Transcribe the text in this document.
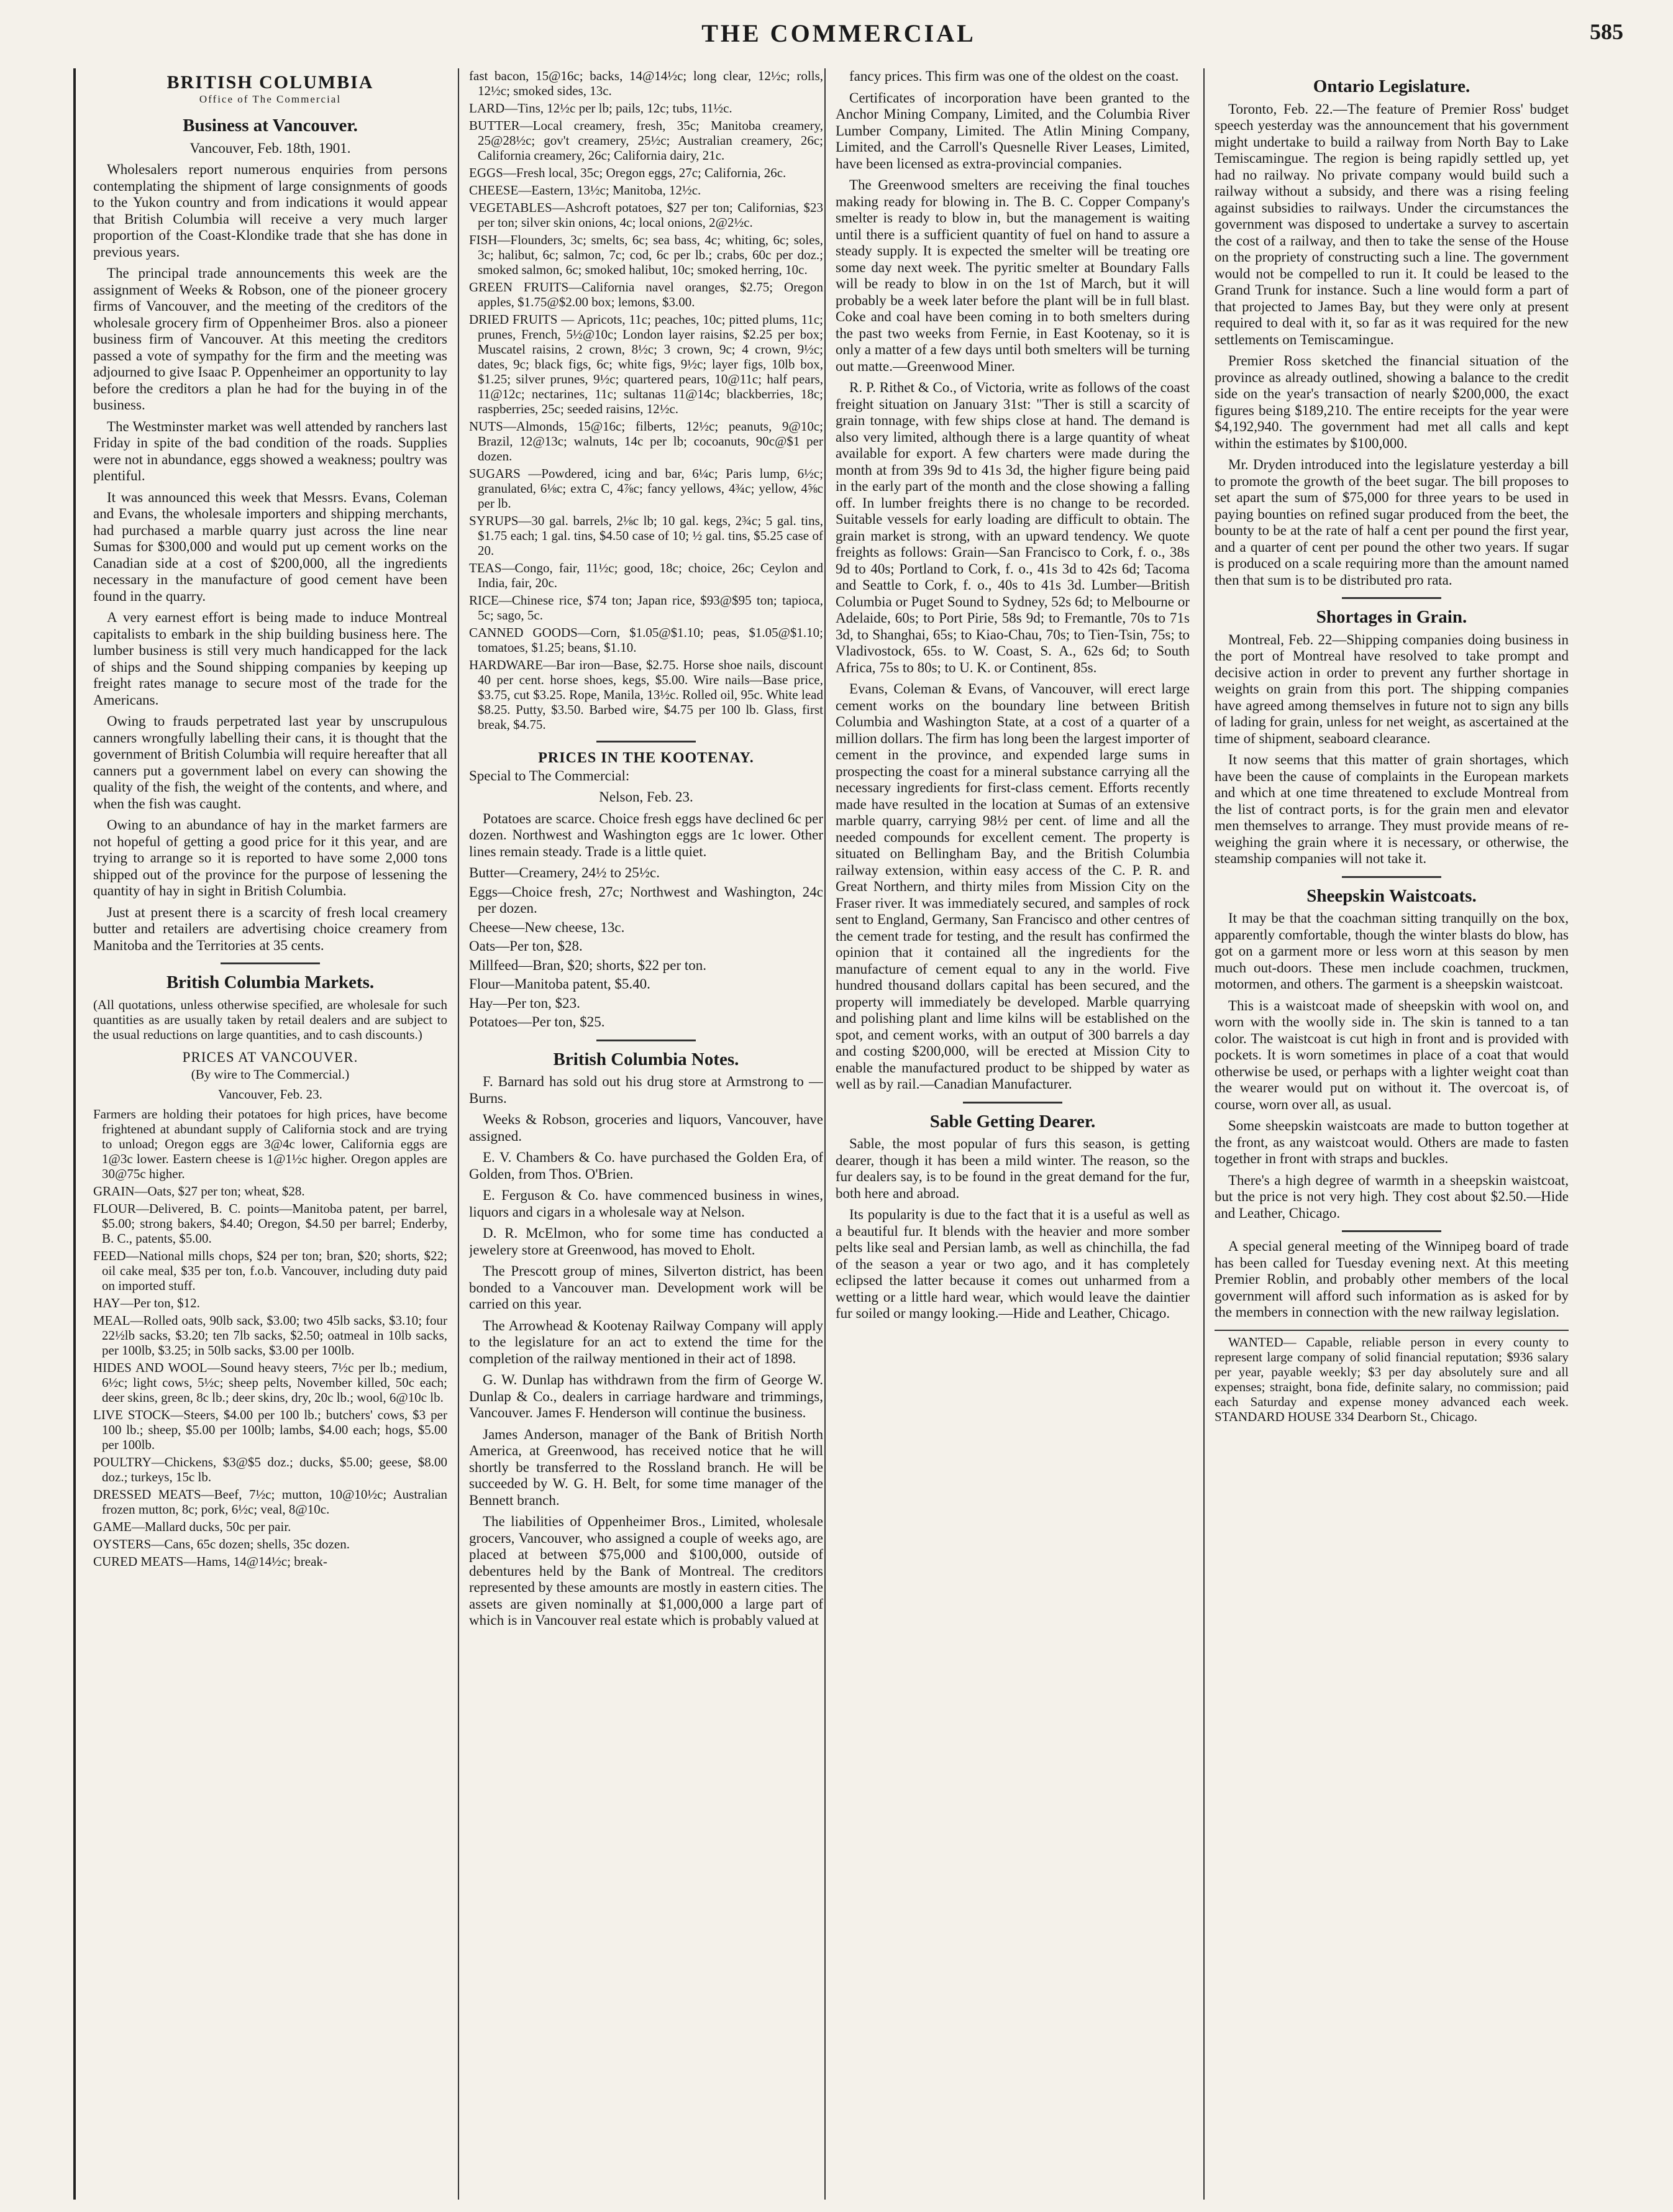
THE COMMERCIAL	585
BRITISH COLUMBIA
Office of The Commercial
Business at Vancouver.
Vancouver, Feb. 18th, 1901.

Wholesalers report numerous enquiries from persons contemplating the shipment of large consignments of goods to the Yukon country and from indications it would appear that British Columbia will receive a very much larger proportion of the Coast-Klondike trade that she has done in previous years.

The principal trade announcements this week are the assignment of Weeks & Robson, one of the pioneer grocery firms of Vancouver, and the meeting of the creditors of the wholesale grocery firm of Oppenheimer Bros. also a pioneer business firm of Vancouver. At this meeting the creditors passed a vote of sympathy for the firm and the meeting was adjourned to give Isaac P. Oppenheimer an opportunity to lay before the creditors a plan he had for the buying in of the business.

The Westminster market was well attended by ranchers last Friday in spite of the bad condition of the roads. Supplies were not in abundance, eggs showed a weakness; poultry was plentiful.

It was announced this week that Messrs. Evans, Coleman and Evans, the wholesale importers and shipping merchants, had purchased a marble quarry just across the line near Sumas for $300,000 and would put up cement works on the Canadian side at a cost of $200,000, all the ingredients necessary in the manufacture of good cement have been found in the quarry.

A very earnest effort is being made to induce Montreal capitalists to embark in the ship building business here. The lumber business is still very much handicapped for the lack of ships and the Sound shipping companies by keeping up freight rates manage to secure most of the trade for the Americans.

Owing to frauds perpetrated last year by unscrupulous canners wrongfully labelling their cans, it is thought that the government of British Columbia will require hereafter that all canners put a government label on every can showing the quality of the fish, the weight of the contents, and where, and when the fish was caught.

Owing to an abundance of hay in the market farmers are not hopeful of getting a good price for it this year, and are trying to arrange so it is reported to have some 2,000 tons shipped out of the province for the purpose of lessening the quantity of hay in sight in British Columbia.

Just at present there is a scarcity of fresh local creamery butter and retailers are advertising choice creamery from Manitoba and the Territories at 35 cents.

British Columbia Markets.

(All quotations, unless otherwise specified, are wholesale for such quantities as are usually taken by retail dealers and are subject to the usual reductions on large quantities, and to cash discounts.)

PRICES AT VANCOUVER.
(By wire to The Commercial.)
Vancouver, Feb. 23.

Farmers are holding their potatoes for high prices, have become frightened at abundant supply of California stock and are trying to unload; Oregon eggs are 3@4c lower, California eggs are 1@3c lower. Eastern cheese is 1@1½c higher. Oregon apples are 30@75c higher.

GRAIN—Oats, $27 per ton; wheat, $28.

FLOUR—Delivered, B. C. points—Manitoba patent, per barrel, $5.00; strong bakers, $4.40; Oregon, $4.50 per barrel; Enderby, B. C., patents, $5.00.

FEED—National mills chops, $24 per ton; bran, $20; shorts, $22; oil cake meal, $35 per ton, f.o.b. Vancouver, including duty paid on imported stuff.

HAY—Per ton, $12.

MEAL—Rolled oats, 90lb sack, $3.00; two 45lb sacks, $3.10; four 22½lb sacks, $3.20; ten 7lb sacks, $2.50; oatmeal in 10lb sacks, per 100lb, $3.25; in 50lb sacks, $3.00 per 100lb.

HIDES AND WOOL—Sound heavy steers, 7½c per lb.; medium, 6½c; light cows, 5½c; sheep pelts, November killed, 50c each; deer skins, green, 8c lb.; deer skins, dry, 20c lb.; wool, 6@10c lb.

LIVE STOCK—Steers, $4.00 per 100 lb.; butchers' cows, $3 per 100 lb.; sheep, $5.00 per 100lb; lambs, $4.00 each; hogs, $5.00 per 100lb.

POULTRY—Chickens, $3@$5 doz.; ducks, $5.00; geese, $8.00 doz.; turkeys, 15c lb.

DRESSED MEATS—Beef, 7½c; mutton, 10@10½c; Australian frozen mutton, 8c; pork, 6½c; veal, 8@10c.

GAME—Mallard ducks, 50c per pair.

OYSTERS—Cans, 65c dozen; shells, 35c dozen.

CURED MEATS—Hams, 14@14½c; break-

fast bacon, 15@16c; backs, 14@14½c; long clear, 12½c; rolls, 12½c; smoked sides, 13c.

LARD—Tins, 12½c per lb; pails, 12c; tubs, 11½c.

BUTTER—Local creamery, fresh, 35c; Manitoba creamery, 25@28½c; gov't creamery, 25½c; Australian creamery, 26c; California creamery, 26c; California dairy, 21c.

EGGS—Fresh local, 35c; Oregon eggs, 27c; California, 26c.

CHEESE—Eastern, 13½c; Manitoba, 12½c.

VEGETABLES—Ashcroft potatoes, $27 per ton; Californias, $23 per ton; silver skin onions, 4c; local onions, 2@2½c.

FISH—Flounders, 3c; smelts, 6c; sea bass, 4c; whiting, 6c; soles, 3c; halibut, 6c; salmon, 7c; cod, 6c per lb.; crabs, 60c per doz.; smoked salmon, 6c; smoked halibut, 10c; smoked herring, 10c.

GREEN FRUITS—California navel oranges, $2.75; Oregon apples, $1.75@$2.00 box; lemons, $3.00.

DRIED FRUITS — Apricots, 11c; peaches, 10c; pitted plums, 11c; prunes, French, 5½@10c; London layer raisins, $2.25 per box; Muscatel raisins, 2 crown, 8½c; 3 crown, 9c; 4 crown, 9½c; dates, 9c; black figs, 6c; white figs, 9½c; layer figs, 10lb box, $1.25; silver prunes, 9½c; quartered pears, 10@11c; half pears, 11@12c; nectarines, 11c; sultanas 11@14c; blackberries, 18c; raspberries, 25c; seeded raisins, 12½c.

NUTS—Almonds, 15@16c; filberts, 12½c; peanuts, 9@10c; Brazil, 12@13c; walnuts, 14c per lb; cocoanuts, 90c@$1 per dozen.

SUGARS —Powdered, icing and bar, 6¼c; Paris lump, 6½c; granulated, 6⅛c; extra C, 4⅞c; fancy yellows, 4¾c; yellow, 4⅝c per lb.

SYRUPS—30 gal. barrels, 2⅛c lb; 10 gal. kegs, 2¾c; 5 gal. tins, $1.75 each; 1 gal. tins, $4.50 case of 10; ½ gal. tins, $5.25 case of 20.

TEAS—Congo, fair, 11½c; good, 18c; choice, 26c; Ceylon and India, fair, 20c.

RICE—Chinese rice, $74 ton; Japan rice, $93@$95 ton; tapioca, 5c; sago, 5c.

CANNED GOODS—Corn, $1.05@$1.10; peas, $1.05@$1.10; tomatoes, $1.25; beans, $1.10.

HARDWARE—Bar iron—Base, $2.75. Horse shoe nails, discount 40 per cent. horse shoes, kegs, $5.00. Wire nails—Base price, $3.75, cut $3.25. Rope, Manila, 13½c. Rolled oil, 95c. White lead $8.25. Putty, $3.50. Barbed wire, $4.75 per 100 lb. Glass, first break, $4.75.

PRICES IN THE KOOTENAY.

Special to The Commercial:

Nelson, Feb. 23.

Potatoes are scarce. Choice fresh eggs have declined 6c per dozen. Northwest and Washington eggs are 1c lower. Other lines remain steady. Trade is a little quiet.

Butter—Creamery, 24½ to 25½c.

Eggs—Choice fresh, 27c; Northwest and Washington, 24c per dozen.

Cheese—New cheese, 13c.

Oats—Per ton, $28.

Millfeed—Bran, $20; shorts, $22 per ton.

Flour—Manitoba patent, $5.40.

Hay—Per ton, $23.

Potatoes—Per ton, $25.

British Columbia Notes.

F. Barnard has sold out his drug store at Armstrong to — Burns.

Weeks & Robson, groceries and liquors, Vancouver, have assigned.

E. V. Chambers & Co. have purchased the Golden Era, of Golden, from Thos. O'Brien.

E. Ferguson & Co. have commenced business in wines, liquors and cigars in a wholesale way at Nelson.

D. R. McElmon, who for some time has conducted a jewelery store at Greenwood, has moved to Eholt.

The Prescott group of mines, Silverton district, has been bonded to a Vancouver man. Development work will be carried on this year.

The Arrowhead & Kootenay Railway Company will apply to the legislature for an act to extend the time for the completion of the railway mentioned in their act of 1898.

G. W. Dunlap has withdrawn from the firm of George W. Dunlap & Co., dealers in carriage hardware and trimmings, Vancouver. James F. Henderson will continue the business.

James Anderson, manager of the Bank of British North America, at Greenwood, has received notice that he will shortly be transferred to the Rossland branch. He will be succeeded by W. G. H. Belt, for some time manager of the Bennett branch.

The liabilities of Oppenheimer Bros., Limited, wholesale grocers, Vancouver, who assigned a couple of weeks ago, are placed at between $75,000 and $100,000, outside of debentures held by the Bank of Montreal. The creditors represented by these amounts are mostly in eastern cities. The assets are given nominally at $1,000,000 a large part of which is in Vancouver real estate which is probably valued at

fancy prices. This firm was one of the oldest on the coast.

Certificates of incorporation have been granted to the Anchor Mining Company, Limited, and the Columbia River Lumber Company, Limited. The Atlin Mining Company, Limited, and the Carroll's Quesnelle River Leases, Limited, have been licensed as extra-provincial companies.

The Greenwood smelters are receiving the final touches making ready for blowing in. The B. C. Copper Company's smelter is ready to blow in, but the management is waiting until there is a sufficient quantity of fuel on hand to assure a steady supply. It is expected the smelter will be treating ore some day next week. The pyritic smelter at Boundary Falls will be ready to blow in on the 1st of March, but it will probably be a week later before the plant will be in full blast. Coke and coal have been coming in to both smelters during the past two weeks from Fernie, in East Kootenay, so it is only a matter of a few days until both smelters will be turning out matte.—Greenwood Miner.

R. P. Rithet & Co., of Victoria, write as follows of the coast freight situation on January 31st: "Ther is still a scarcity of grain tonnage, with few ships close at hand. The demand is also very limited, although there is a large quantity of wheat available for export. A few charters were made during the month at from 39s 9d to 41s 3d, the higher figure being paid in the early part of the month and the close showing a falling off. In lumber freights there is no change to be recorded. Suitable vessels for early loading are difficult to obtain. The grain market is strong, with an upward tendency. We quote freights as follows: Grain—San Francisco to Cork, f. o., 38s 9d to 40s; Portland to Cork, f. o., 41s 3d to 42s 6d; Tacoma and Seattle to Cork, f. o., 40s to 41s 3d. Lumber—British Columbia or Puget Sound to Sydney, 52s 6d; to Melbourne or Adelaide, 60s; to Port Pirie, 58s 9d; to Fremantle, 70s to 71s 3d, to Shanghai, 65s; to Kiao-Chau, 70s; to Tien-Tsin, 75s; to Vladivostock, 65s. to W. Coast, S. A., 62s 6d; to South Africa, 75s to 80s; to U. K. or Continent, 85s.

Evans, Coleman & Evans, of Vancouver, will erect large cement works on the boundary line between British Columbia and Washington State, at a cost of a quarter of a million dollars. The firm has long been the largest importer of cement in the province, and expended large sums in prospecting the coast for a mineral substance carrying all the necessary ingredients for first-class cement. Efforts recently made have resulted in the location at Sumas of an extensive marble quarry, carrying 98½ per cent. of lime and all the needed compounds for excellent cement. The property is situated on Bellingham Bay, and the British Columbia railway extension, within easy access of the C. P. R. and Great Northern, and thirty miles from Mission City on the Fraser river. It was immediately secured, and samples of rock sent to England, Germany, San Francisco and other centres of the cement trade for testing, and the result has confirmed the opinion that it contained all the ingredients for the manufacture of cement equal to any in the world. Five hundred thousand dollars capital has been secured, and the property will immediately be developed. Marble quarrying and polishing plant and lime kilns will be established on the spot, and cement works, with an output of 300 barrels a day and costing $200,000, will be erected at Mission City to enable the manufactured product to be shipped by water as well as by rail.—Canadian Manufacturer.

Sable Getting Dearer.

Sable, the most popular of furs this season, is getting dearer, though it has been a mild winter. The reason, so the fur dealers say, is to be found in the great demand for the fur, both here and abroad.

Its popularity is due to the fact that it is a useful as well as a beautiful fur. It blends with the heavier and more somber pelts like seal and Persian lamb, as well as chinchilla, the fad of the season a year or two ago, and it has completely eclipsed the latter because it comes out unharmed from a wetting or a little hard wear, which would leave the daintier fur soiled or mangy looking.—Hide and Leather, Chicago.

Ontario Legislature.

Toronto, Feb. 22.—The feature of Premier Ross' budget speech yesterday was the announcement that his government might undertake to build a railway from North Bay to Lake Temiscamingue. The region is being rapidly settled up, yet had no railway. No private company would build such a railway without a subsidy, and there was a rising feeling against subsidies to railways. Under the circumstances the government was disposed to undertake a survey to ascertain the cost of a railway, and then to take the sense of the House on the propriety of constructing such a line. The government would not be compelled to run it. It could be leased to the Grand Trunk for instance. Such a line would form a part of that projected to James Bay, but they were only at present required to deal with it, so far as it was required for the new settlements on Temiscamingue.

Premier Ross sketched the financial situation of the province as already outlined, showing a balance to the credit side on the year's transaction of nearly $200,000, the exact figures being $189,210. The entire receipts for the year were $4,192,940. The government had met all calls and kept within the estimates by $100,000.

Mr. Dryden introduced into the legislature yesterday a bill to promote the growth of the beet sugar. The bill proposes to set apart the sum of $75,000 for three years to be used in paying bounties on refined sugar produced from the beet, the bounty to be at the rate of half a cent per pound the first year, and a quarter of cent per pound the other two years. If sugar is produced on a scale requiring more than the amount named then that sum is to be distributed pro rata.

Shortages in Grain.

Montreal, Feb. 22—Shipping companies doing business in the port of Montreal have resolved to take prompt and decisive action in order to prevent any further shortage in weights on grain from this port. The shipping companies have agreed among themselves in future not to sign any bills of lading for grain, unless for net weight, as ascertained at the time of shipment, seaboard clearance.

It now seems that this matter of grain shortages, which have been the cause of complaints in the European markets and which at one time threatened to exclude Montreal from the list of contract ports, is for the grain men and elevator men themselves to arrange. They must provide means of re-weighing the grain where it is necessary, or otherwise, the steamship companies will not take it.

Sheepskin Waistcoats.

It may be that the coachman sitting tranquilly on the box, apparently comfortable, though the winter blasts do blow, has got on a garment more or less worn at this season by men much out-doors. These men include coachmen, truckmen, motormen, and others. The garment is a sheepskin waistcoat.

This is a waistcoat made of sheepskin with wool on, and worn with the woolly side in. The skin is tanned to a tan color. The waistcoat is cut high in front and is provided with pockets. It is worn sometimes in place of a coat that would otherwise be used, or perhaps with a lighter weight coat than the wearer would put on without it. The overcoat is, of course, worn over all, as usual.

Some sheepskin waistcoats are made to button together at the front, as any waistcoat would. Others are made to fasten together in front with straps and buckles.

There's a high degree of warmth in a sheepskin waistcoat, but the price is not very high. They cost about $2.50.—Hide and Leather, Chicago.

A special general meeting of the Winnipeg board of trade has been called for Tuesday evening next. At this meeting Premier Roblin, and probably other members of the local government will afford such information as is asked for by the members in connection with the new railway legislation.

WANTED— Capable, reliable person in every county to represent large company of solid financial reputation; $936 salary per year, payable weekly; $3 per day absolutely sure and all expenses; straight, bona fide, definite salary, no commission; paid each Saturday and expense money advanced each week. STANDARD HOUSE 334 Dearborn St., Chicago.
